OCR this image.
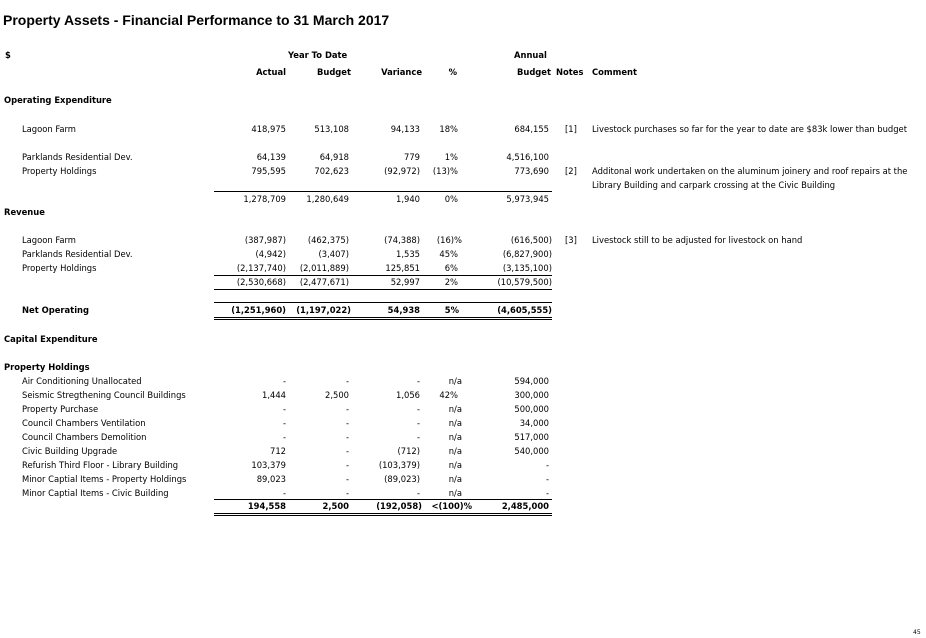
Property Assets - Financial Performance to 31 March 2017
$	Year To Date	Annual
Actual	Budget	Variance	%	Budget Notes Comment
Operating Expenditure
Lagoon Farm	418,975	513,108	94,133	18%	684,155 [1] Livestock purchases so far for the year to date are $83k lower than budget
Parklands Residential Dev.	64,139	64,918	779	1%	4,516,100
Property Holdings	795,595	702,623	(92,972)	(13)%	773,690 [2] Additonal work undertaken on the aluminum joinery and roof repairs at the
Library Building and carpark crossing at the Civic Building
1,278,709	1,280,649	1,940	0%	5,973,945
Revenue
Lagoon Farm	(387,987)	(462,375)	(74,388)	(16)%	(616,500) [3] Livestock still to be adjusted for livestock on hand
Parklands Residential Dev.	(4,942)	(3,407)	1,535	45%	(6,827,900)
Property Holdings	(2,137,740)	(2,011,889)	125,851	6%	(3,135,100)
(2,530,668)	(2,477,671)	52,997	2%	(10,579,500)
Net Operating	(1,251,960)	(1,197,022)	54,938	5%	(4,605,555)
Capital Expenditure
Property Holdings
Air Conditioning Unallocated	-	-	-	n/a	594,000
Seismic Stregthening Council Buildings	1,444	2,500	1,056	42%	300,000
Property Purchase	-	-	-	n/a	500,000
Council Chambers Ventilation	-	-	-	n/a	34,000
Council Chambers Demolition	-	-	-	n/a	517,000
Civic Building Upgrade	712	-	(712)	n/a	540,000
Refurish Third Floor - Library Building	103,379	-	(103,379)	n/a	-
Minor Captial Items - Property Holdings	89,023	-	(89,023)	n/a	-
Minor Captial Items - Civic Building	-	-	-	n/a	-
194,558	2,500	(192,058)	<(100)%	2,485,000
45
